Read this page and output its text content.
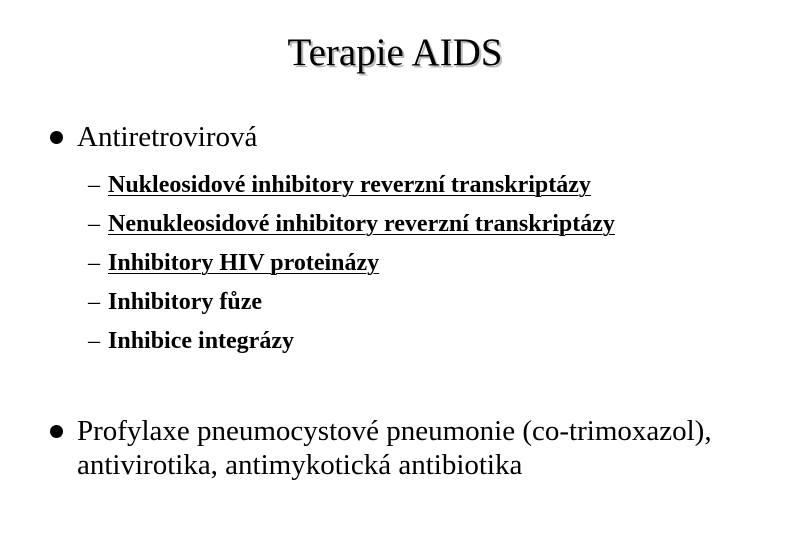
Terapie AIDS
Antiretrovirová
– Nukleosidové inhibitory reverzní transkriptázy
– Nenukleosidové inhibitory reverzní transkriptázy
– Inhibitory HIV proteinázy
– Inhibitory fůze
– Inhibice integrázy
Profylaxe pneumocystové pneumonie (co-trimoxazol), antivirotika, antimykotická antibiotika
